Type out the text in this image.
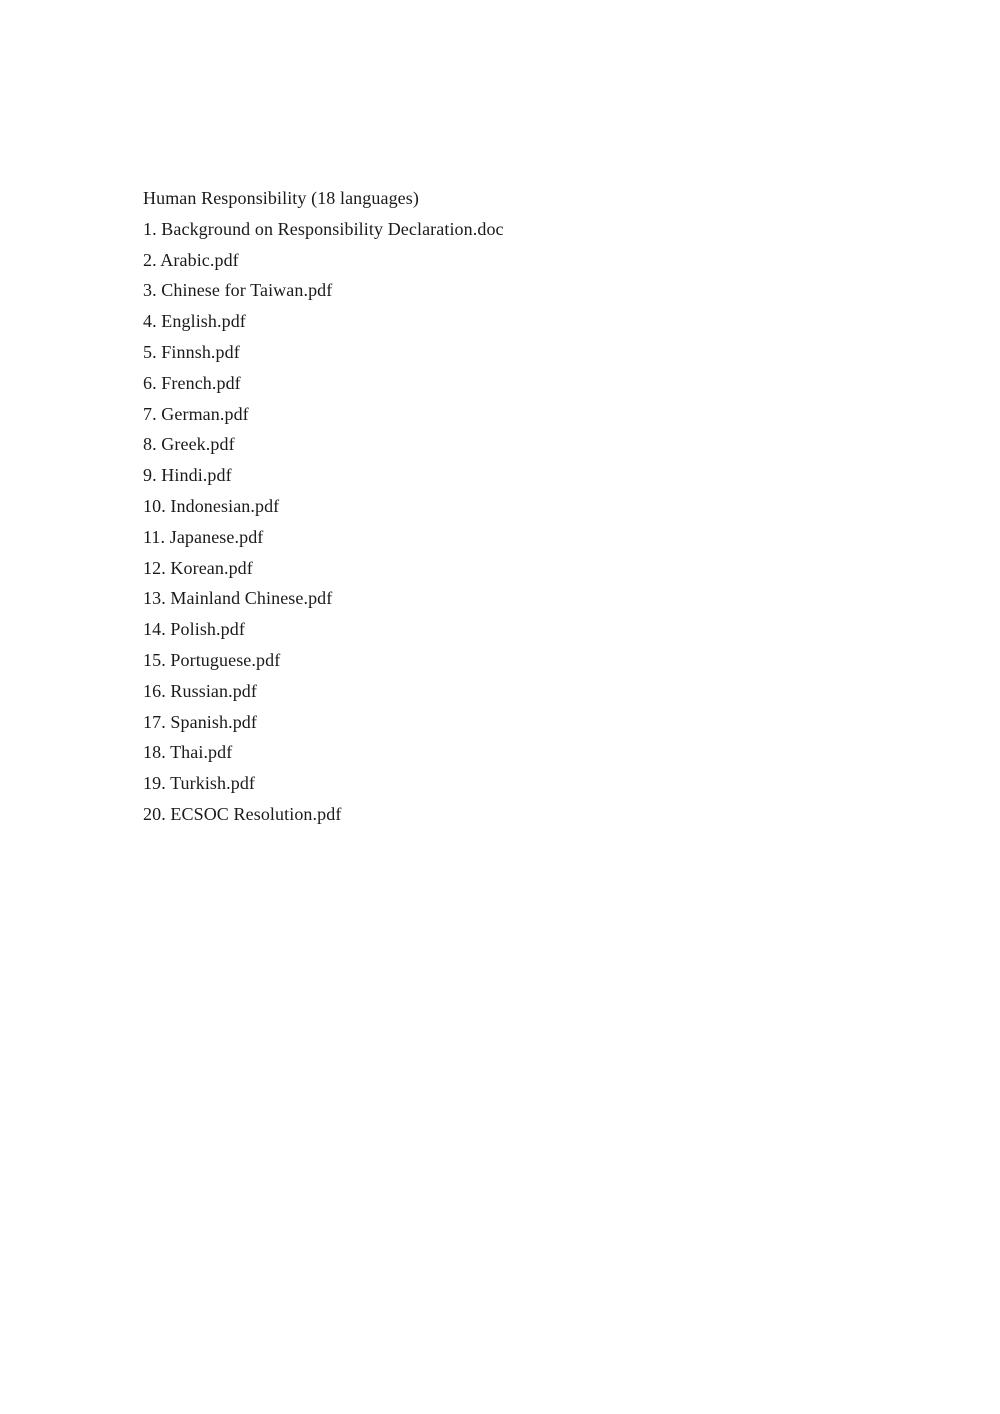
Human Responsibility (18 languages)
1. Background on Responsibility Declaration.doc
2. Arabic.pdf
3. Chinese for Taiwan.pdf
4. English.pdf
5. Finnsh.pdf
6. French.pdf
7. German.pdf
8. Greek.pdf
9. Hindi.pdf
10. Indonesian.pdf
11. Japanese.pdf
12. Korean.pdf
13. Mainland Chinese.pdf
14. Polish.pdf
15. Portuguese.pdf
16. Russian.pdf
17. Spanish.pdf
18. Thai.pdf
19. Turkish.pdf
20. ECSOC Resolution.pdf
